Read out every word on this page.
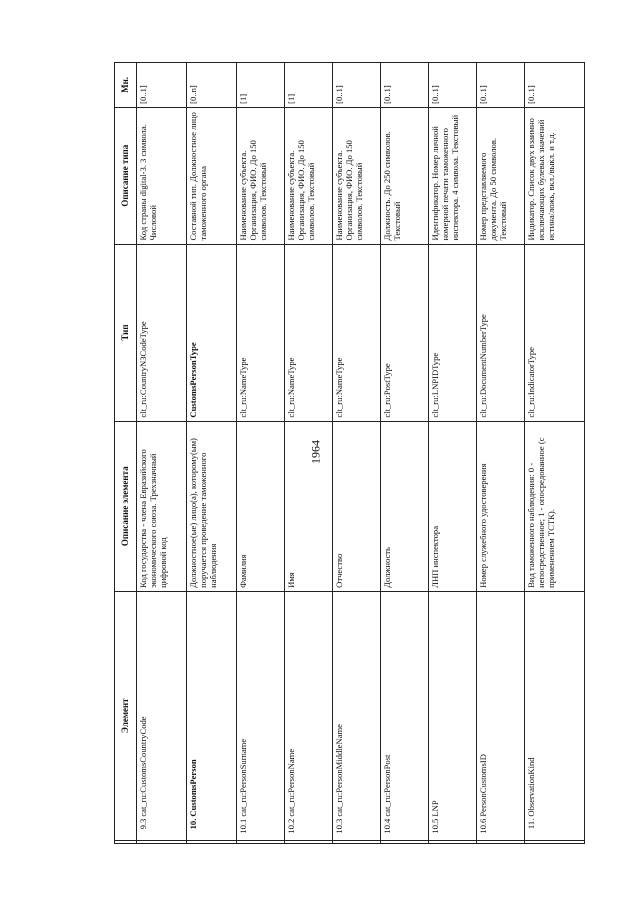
1964
	Элемент	Описание элемента	Тип	Описание типа	Мн.
	9.3cat_ru:CustomsCountryCode	Код государства - члена Евразийского экономического союза. Трехзначный цифровой код	clt_ru:CountryN3CodeType	Код страны digital-3. 3 символа. Числовой	[0..1]
	10.CustomsPerson	Должностное(ые) лицо(а), которому(ым) поручается проведение таможенного наблюдения	CustomsPersonType	Составной тип. Должностное лицо таможенного органа	[0..n]
	10.1cat_ru:PersonSurname	Фамилия	clt_ru:NameType	Наименование субъекта. Организация, ФИО. До 150 символов. Текстовый	[1]
	10.2cat_ru:PersonName	Имя	clt_ru:NameType	Наименование субъекта. Организация, ФИО. До 150 символов. Текстовый	[1]
	10.3cat_ru:PersonMiddleName	Отчество	clt_ru:NameType	Наименование субъекта. Организация, ФИО. До 150 символов. Текстовый	[0..1]
	10.4cat_ru:PersonPost	Должность	clt_ru:PostType	Должность. До 250 символов. Текстовый	[0..1]
	10.5LNP	ЛНП инспектора	clt_ru:LNPIDType	Идентификатор. Номер личной номерной печати таможенного инспектора. 4 символа. Текстовый	[0..1]
	10.6PersonCustomsID	Номер служебного удостоверения	clt_ru:DocumentNumberType	Номер представляемого документа. До 50 символов. Текстовый	[0..1]
	11.ObservationKind	Вид таможенного наблюдения: 0 - непосредственное; 1 - опосредованное (с применением ТСТК).	clt_ru:IndicatorType	Индикатор. Список двух взаимно исключающих булевых значений истина/ложь, вкл./выкл. и т.д.	[0..1]
